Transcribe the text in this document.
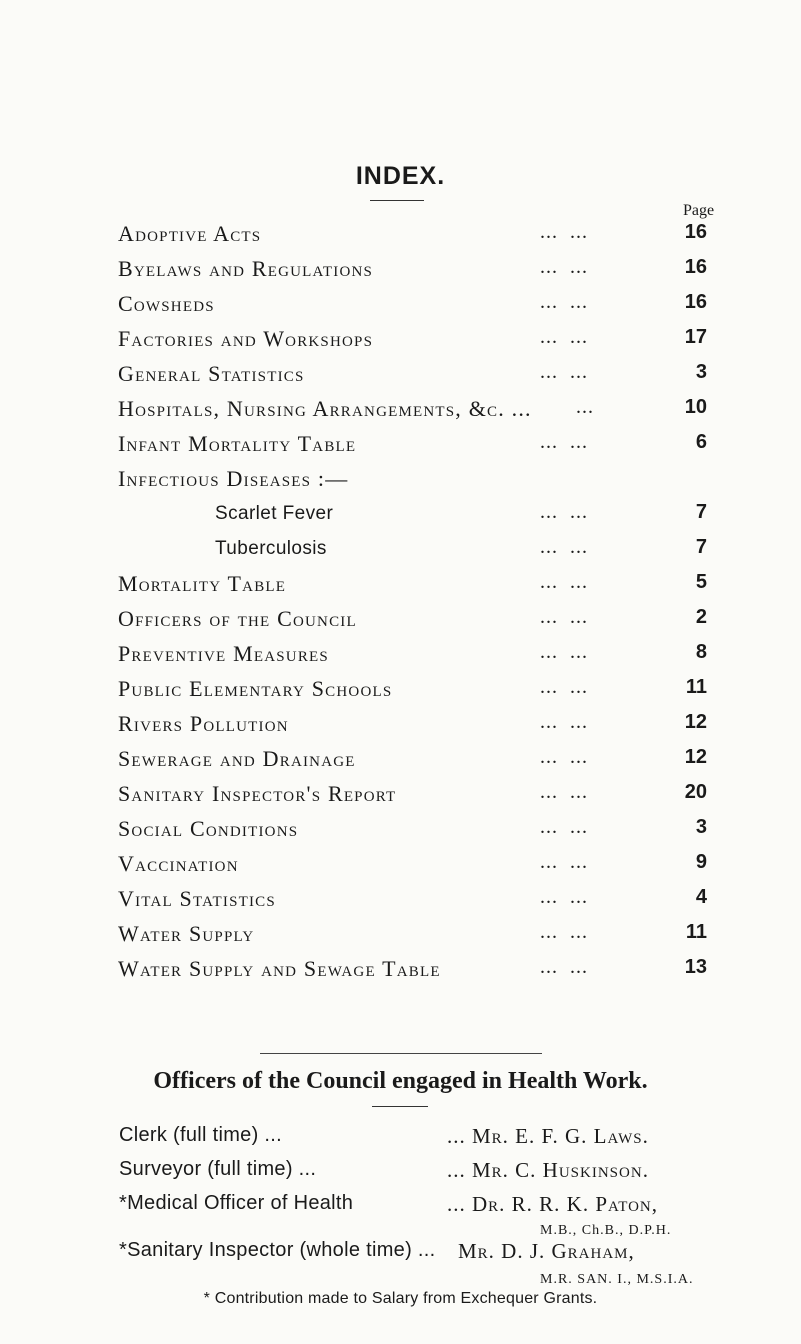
INDEX.
Page
Adoptive Acts	...  ...	16
Byelaws and Regulations	...  ...	16
Cowsheds	...  ...	16
Factories and Workshops	...  ...	17
General Statistics	...  ...	3
Hospitals, Nursing Arrangements, &c. ... ...	10
Infant Mortality Table	...  ...	6
Infectious Diseases :—
Scarlet Fever	...  ...	7
Tuberculosis	...  ...	7
Mortality Table	...  ...	5
Officers of the Council	...  ...	2
Preventive Measures	...  ...	8
Public Elementary Schools	...  ...	11
Rivers Pollution	...  ...	12
Sewerage and Drainage	...  ...	12
Sanitary Inspector's Report	...  ...	20
Social Conditions	...  ...	3
Vaccination	...  ...	9
Vital Statistics	...  ...	4
Water Supply	...  ...	11
Water Supply and Sewage Table	...  ...	13
Officers of the Council engaged in Health Work.
Clerk (full time) ...	... Mr. E. F. G. Laws.
Surveyor (full time) ...	... Mr. C. Huskinson.
*Medical Officer of Health	... Dr. R. R. K. Paton,
M.B., Ch.B., D.P.H.
*Sanitary Inspector (whole time) ... Mr. D. J. Graham,
M.R. SAN. I., M.S.I.A.
* Contribution made to Salary from Exchequer Grants.
